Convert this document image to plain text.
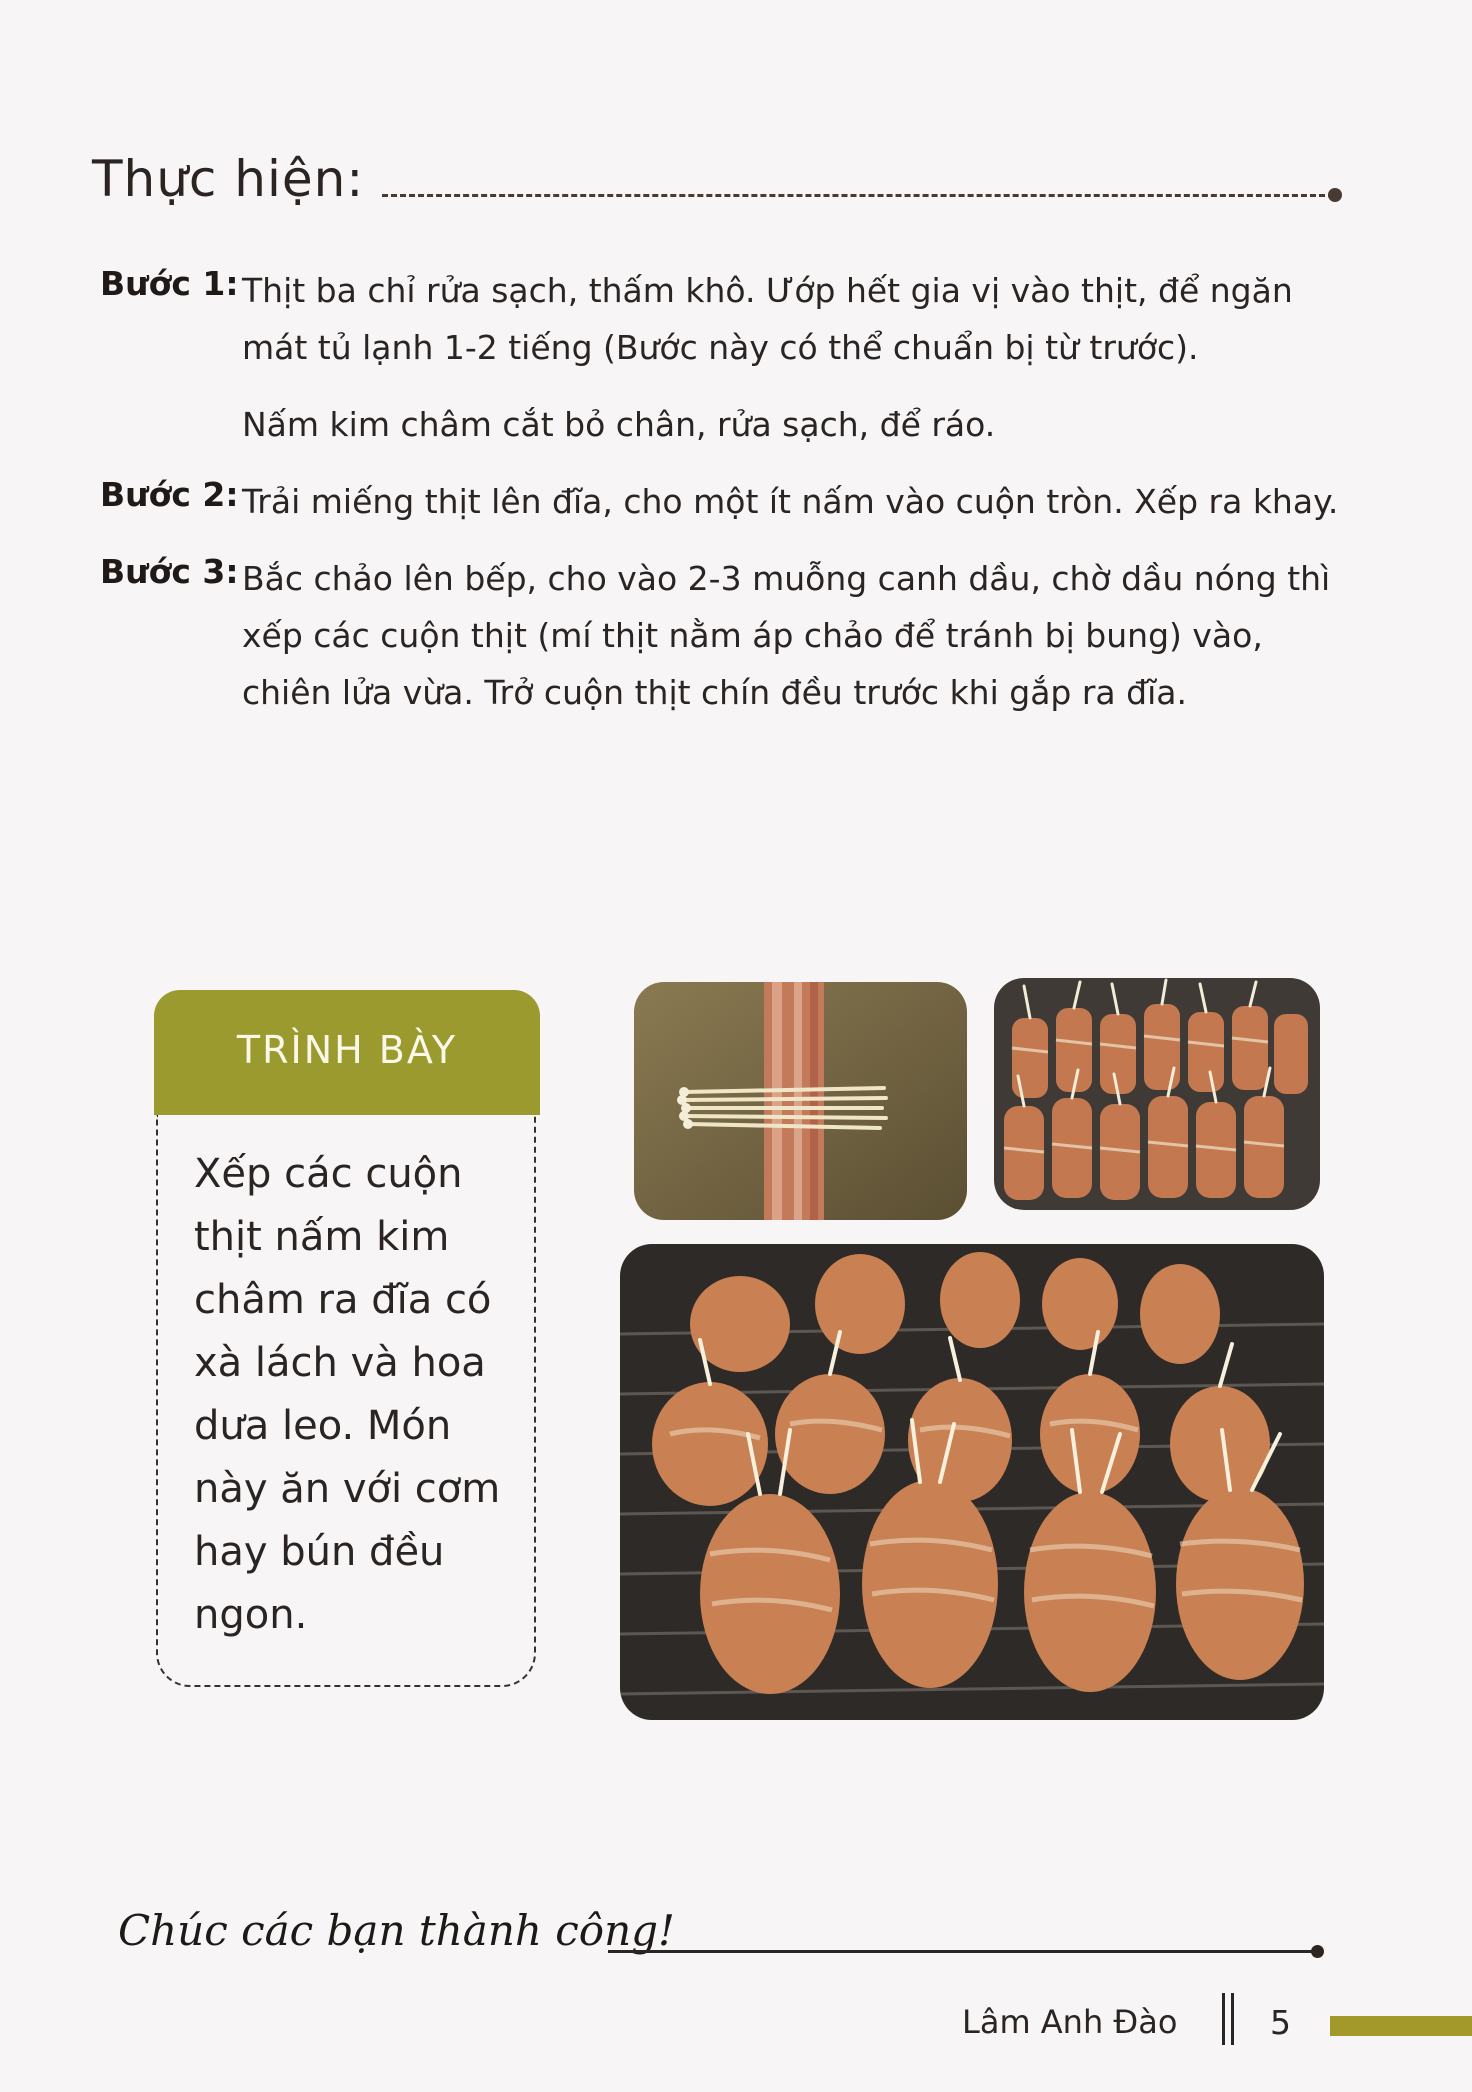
Thực hiện:
Bước 1: Thịt ba chỉ rửa sạch, thấm khô. Ướp hết gia vị vào thịt, để ngăn mát tủ lạnh 1-2 tiếng (Bước này có thể chuẩn bị từ trước).

Nấm kim châm cắt bỏ chân, rửa sạch, để ráo.

Bước 2: Trải miếng thịt lên đĩa, cho một ít nấm vào cuộn tròn. Xếp ra khay.

Bước 3: Bắc chảo lên bếp, cho vào 2-3 muỗng canh dầu, chờ dầu nóng thì xếp các cuộn thịt (mí thịt nằm áp chảo để tránh bị bung) vào, chiên lửa vừa. Trở cuộn thịt chín đều trước khi gắp ra đĩa.

TRÌNH BÀY
Xếp các cuộn thịt nấm kim châm ra đĩa có xà lách và hoa dưa leo. Món này ăn với cơm hay bún đều ngon.
Chúc các bạn thành công!
Lâm Anh Đào	5
